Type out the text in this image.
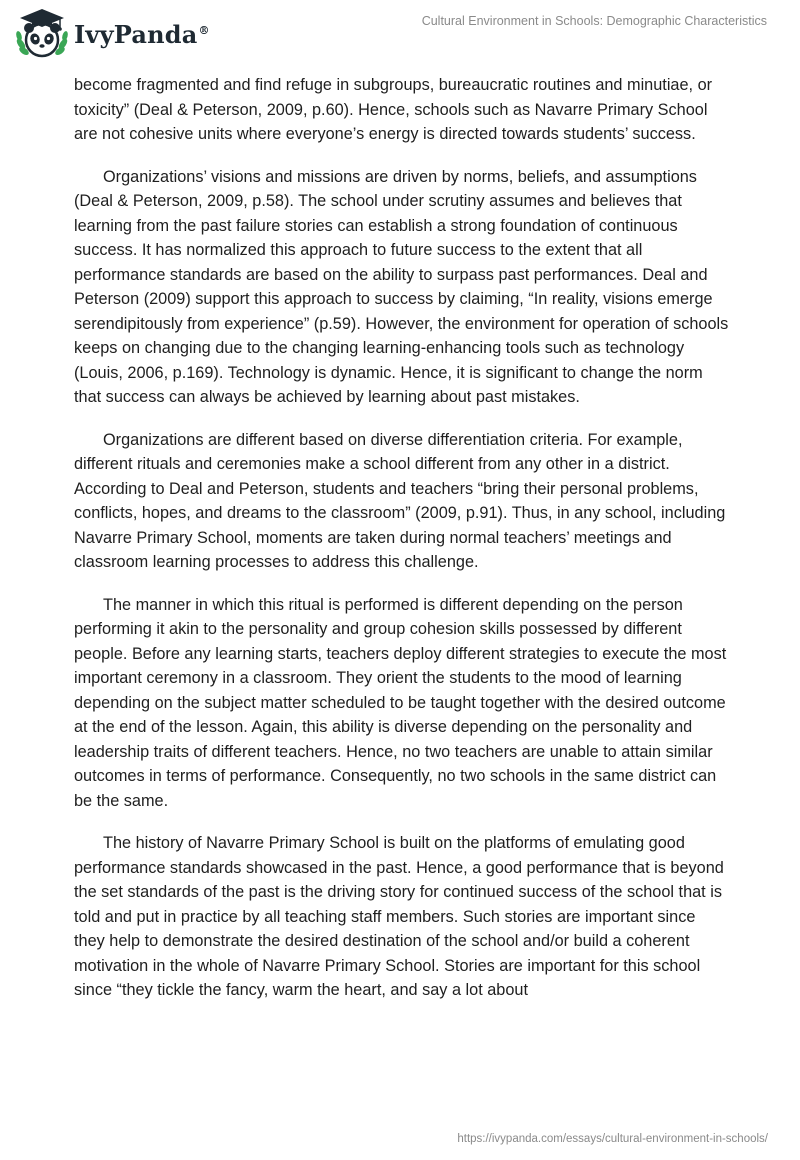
IvyPanda®
Cultural Environment in Schools: Demographic Characteristics

become fragmented and find refuge in subgroups, bureaucratic routines and minutiae, or toxicity” (Deal & Peterson, 2009, p.60). Hence, schools such as Navarre Primary School are not cohesive units where everyone’s energy is directed towards students’ success.

Organizations’ visions and missions are driven by norms, beliefs, and assumptions (Deal & Peterson, 2009, p.58). The school under scrutiny assumes and believes that learning from the past failure stories can establish a strong foundation of continuous success. It has normalized this approach to future success to the extent that all performance standards are based on the ability to surpass past performances. Deal and Peterson (2009) support this approach to success by claiming, “In reality, visions emerge serendipitously from experience” (p.59). However, the environment for operation of schools keeps on changing due to the changing learning-enhancing tools such as technology (Louis, 2006, p.169). Technology is dynamic. Hence, it is significant to change the norm that success can always be achieved by learning about past mistakes.

Organizations are different based on diverse differentiation criteria. For example, different rituals and ceremonies make a school different from any other in a district. According to Deal and Peterson, students and teachers “bring their personal problems, conflicts, hopes, and dreams to the classroom” (2009, p.91). Thus, in any school, including Navarre Primary School, moments are taken during normal teachers’ meetings and classroom learning processes to address this challenge.

The manner in which this ritual is performed is different depending on the person performing it akin to the personality and group cohesion skills possessed by different people. Before any learning starts, teachers deploy different strategies to execute the most important ceremony in a classroom. They orient the students to the mood of learning depending on the subject matter scheduled to be taught together with the desired outcome at the end of the lesson. Again, this ability is diverse depending on the personality and leadership traits of different teachers. Hence, no two teachers are unable to attain similar outcomes in terms of performance. Consequently, no two schools in the same district can be the same.

The history of Navarre Primary School is built on the platforms of emulating good performance standards showcased in the past. Hence, a good performance that is beyond the set standards of the past is the driving story for continued success of the school that is told and put in practice by all teaching staff members. Such stories are important since they help to demonstrate the desired destination of the school and/or build a coherent motivation in the whole of Navarre Primary School. Stories are important for this school since “they tickle the fancy, warm the heart, and say a lot about

https://ivypanda.com/essays/cultural-environment-in-schools/
